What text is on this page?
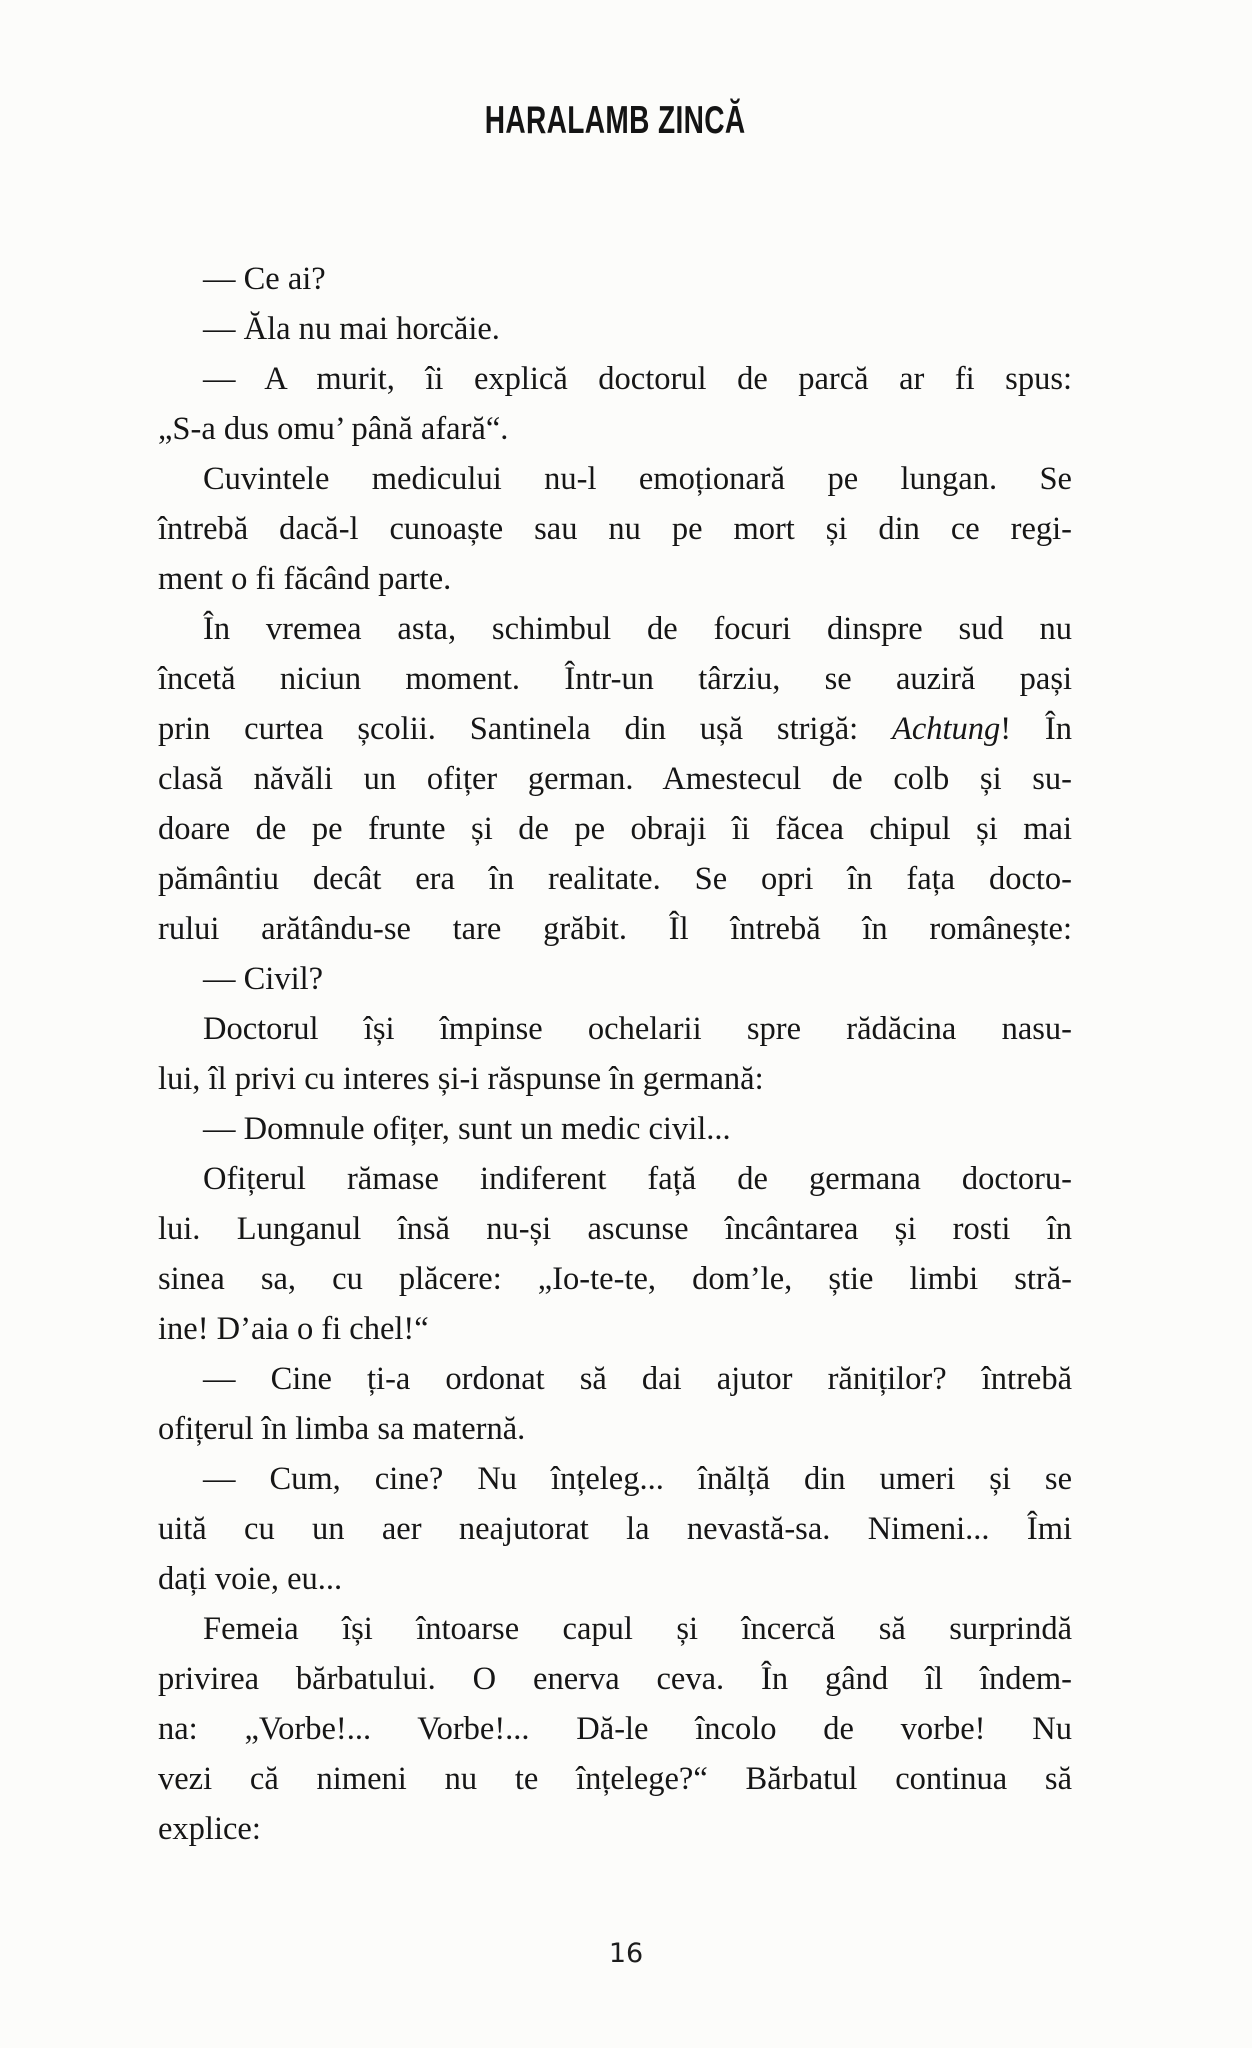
HARALAMB ZINCĂ
— Ce ai?
— Ăla nu mai horcăie.
— A murit, îi explică doctorul de parcă ar fi spus:
„S-a dus omu’ până afară“.
Cuvintele medicului nu-l emoționară pe lungan. Se
întrebă dacă-l cunoaște sau nu pe mort și din ce regi-
ment o fi făcând parte.
În vremea asta, schimbul de focuri dinspre sud nu
încetă niciun moment. Într-un târziu, se auziră pași
prin curtea școlii. Santinela din ușă strigă: Achtung! În
clasă năvăli un ofițer german. Amestecul de colb și su-
doare de pe frunte și de pe obraji îi făcea chipul și mai
pământiu decât era în realitate. Se opri în fața docto-
rului arătându-se tare grăbit. Îl întrebă în românește:
— Civil?
Doctorul își împinse ochelarii spre rădăcina nasu-
lui, îl privi cu interes și-i răspunse în germană:
— Domnule ofițer, sunt un medic civil...
Ofițerul rămase indiferent față de germana doctoru-
lui. Lunganul însă nu-și ascunse încântarea și rosti în
sinea sa, cu plăcere: „Io-te-te, dom’le, știe limbi stră-
ine! D’aia o fi chel!“
— Cine ți-a ordonat să dai ajutor răniților? întrebă
ofițerul în limba sa maternă.
— Cum, cine? Nu înțeleg... înălță din umeri și se
uită cu un aer neajutorat la nevastă-sa. Nimeni... Îmi
dați voie, eu...
Femeia își întoarse capul și încercă să surprindă
privirea bărbatului. O enerva ceva. În gând îl îndem-
na: „Vorbe!... Vorbe!... Dă-le încolo de vorbe! Nu
vezi că nimeni nu te înțelege?“ Bărbatul continua să
explice:
16
